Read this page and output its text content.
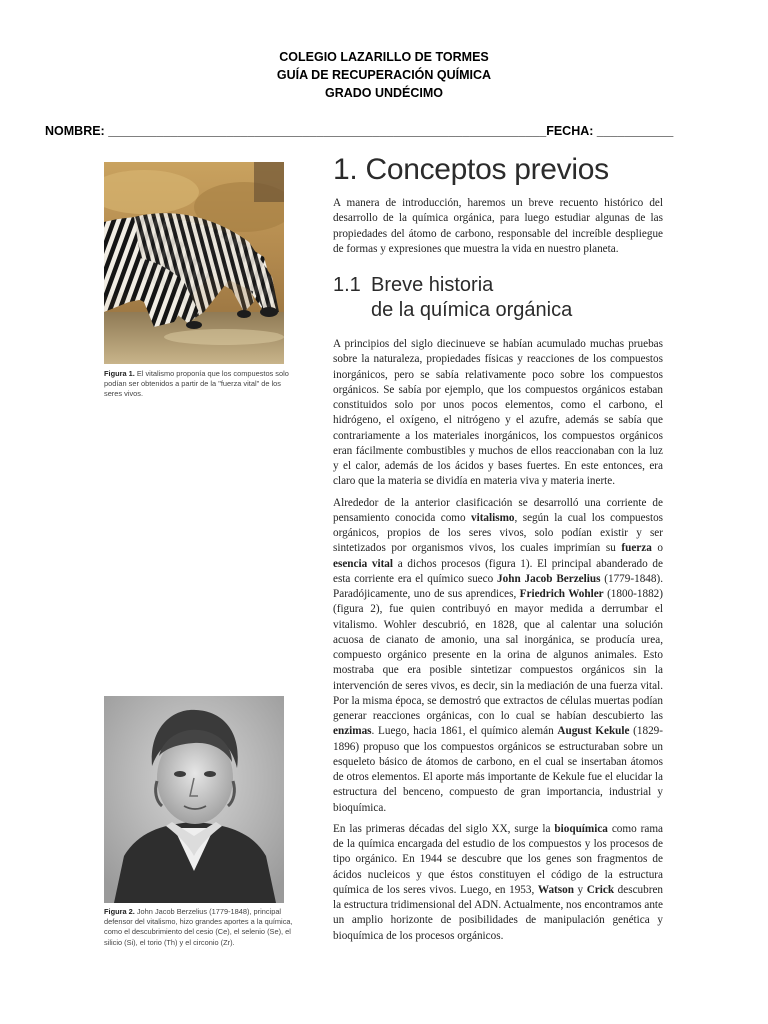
COLEGIO LAZARILLO DE TORMES
GUÍA DE RECUPERACIÓN QUÍMICA
GRADO UNDÉCIMO
NOMBRE: _______________________________________________________________FECHA: ___________
Figura 1. El vitalismo proponía que los compuestos solo podían ser obtenidos a partir de la "fuerza vital" de los seres vivos.
Figura 2. John Jacob Berzelius (1779-1848), principal defensor del vitalismo, hizo grandes aportes a la química, como el descubrimiento del cesio (Ce), el selenio (Se), el silicio (Si), el torio (Th) y el circonio (Zr).
1. Conceptos previos

A manera de introducción, haremos un breve recuento histórico del desarrollo de la química orgánica, para luego estudiar algunas de las propiedades del átomo de carbono, responsable del increíble despliegue de formas y expresiones que muestra la vida en nuestro planeta.

1.1 Breve historia
de la química orgánica

A principios del siglo diecinueve se habían acumulado muchas pruebas sobre la naturaleza, propiedades físicas y reacciones de los compuestos inorgánicos, pero se sabía relativamente poco sobre los compuestos orgánicos. Se sabía por ejemplo, que los compuestos orgánicos estaban constituidos solo por unos pocos elementos, como el carbono, el hidrógeno, el oxígeno, el nitrógeno y el azufre, además se sabía que contrariamente a los materiales inorgánicos, los compuestos orgánicos eran fácilmente combustibles y muchos de ellos reaccionaban con la luz y el calor, además de los ácidos y bases fuertes. En este entonces, era claro que la materia se dividía en materia viva y materia inerte.

Alrededor de la anterior clasificación se desarrolló una corriente de pensamiento conocida como vitalismo, según la cual los compuestos orgánicos, propios de los seres vivos, solo podían existir y ser sintetizados por organismos vivos, los cuales imprimían su fuerza o esencia vital a dichos procesos (figura 1). El principal abanderado de esta corriente era el químico sueco John Jacob Berzelius (1779-1848). Paradójicamente, uno de sus aprendices, Friedrich Wohler (1800-1882) (figura 2), fue quien contribuyó en mayor medida a derrumbar el vitalismo. Wohler descubrió, en 1828, que al calentar una solución acuosa de cianato de amonio, una sal inorgánica, se producía urea, compuesto orgánico presente en la orina de algunos animales. Esto mostraba que era posible sintetizar compuestos orgánicos sin la intervención de seres vivos, es decir, sin la mediación de una fuerza vital. Por la misma época, se demostró que extractos de células muertas podían generar reacciones orgánicas, con lo cual se habían descubierto las enzimas. Luego, hacia 1861, el químico alemán August Kekule (1829-1896) propuso que los compuestos orgánicos se estructuraban sobre un esqueleto básico de átomos de carbono, en el cual se insertaban átomos de otros elementos. El aporte más importante de Kekule fue el elucidar la estructura del benceno, compuesto de gran importancia, industrial y bioquímica.

En las primeras décadas del siglo XX, surge la bioquímica como rama de la química encargada del estudio de los compuestos y los procesos de tipo orgánico. En 1944 se descubre que los genes son fragmentos de ácidos nucleicos y que éstos constituyen el código de la estructura química de los seres vivos. Luego, en 1953, Watson y Crick descubren la estructura tridimensional del ADN. Actualmente, nos encontramos ante un amplio horizonte de posibilidades de manipulación genética y bioquímica de los procesos orgánicos.
